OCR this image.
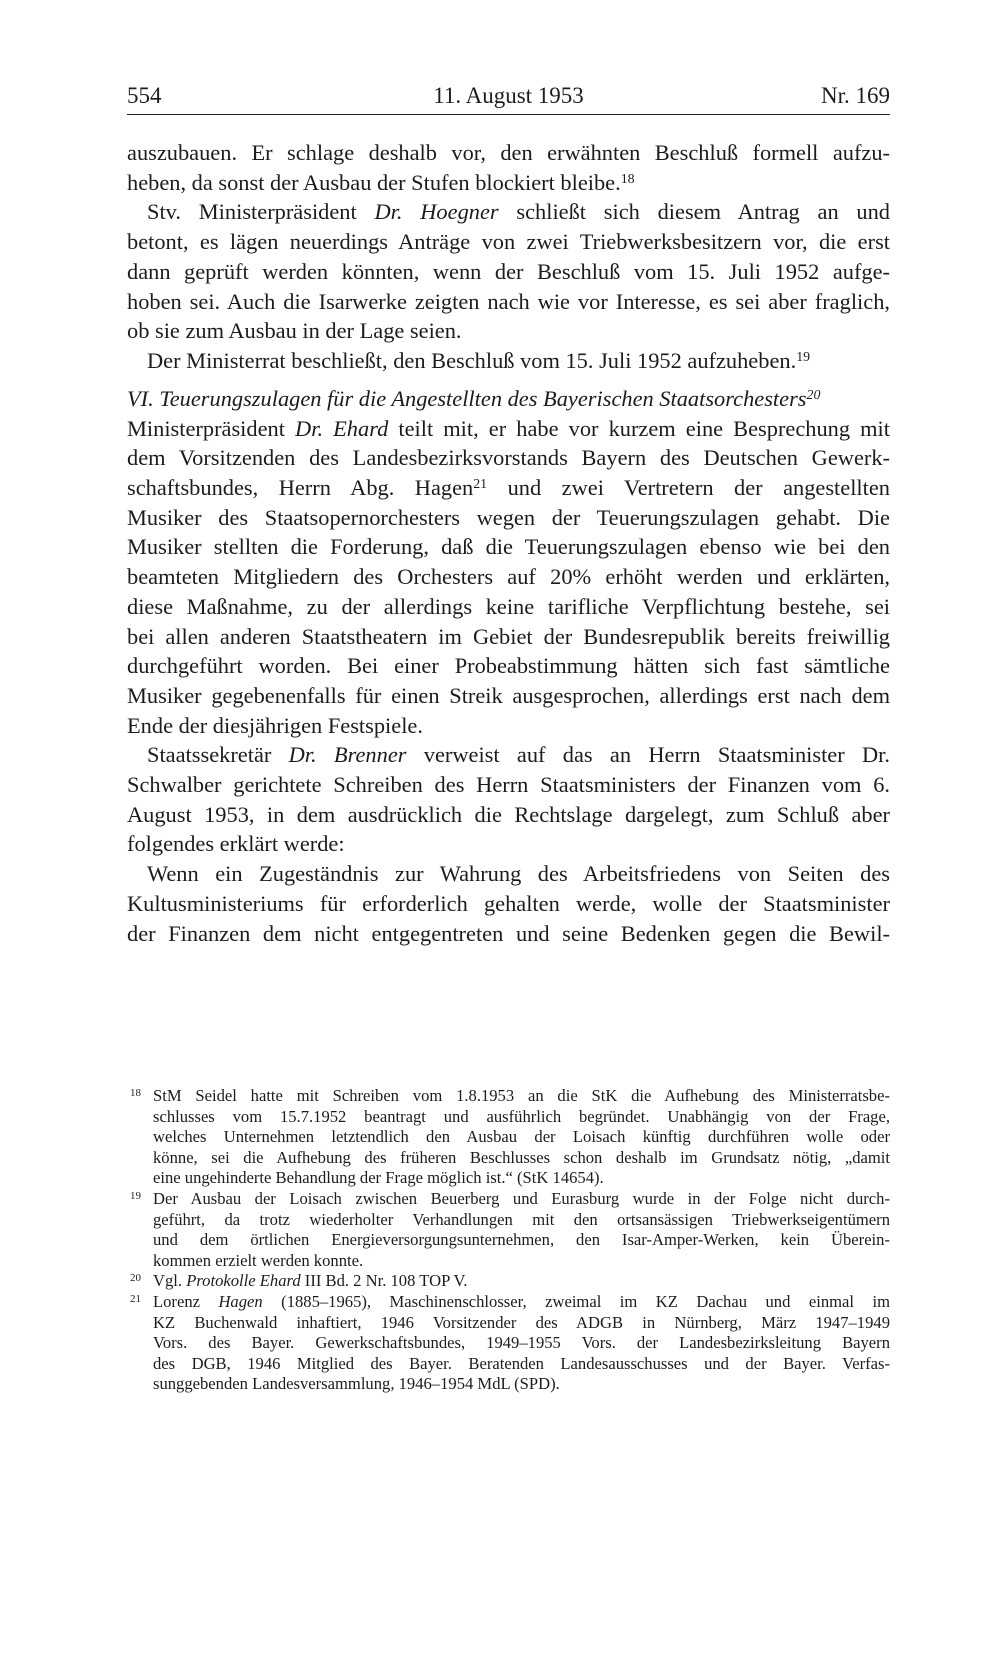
554	11. August 1953	Nr. 169

auszubauen. Er schlage deshalb vor, den erwähnten Beschluß formell aufzu-
heben, da sonst der Ausbau der Stufen blockiert bleibe.$^{18}$

Stv. Ministerpräsident Dr. Hoegner schließt sich diesem Antrag an und
betont, es lägen neuerdings Anträge von zwei Triebwerksbesitzern vor, die erst
dann geprüft werden könnten, wenn der Beschluß vom 15. Juli 1952 aufge-
hoben sei. Auch die Isarwerke zeigten nach wie vor Interesse, es sei aber fraglich,
ob sie zum Ausbau in der Lage seien.

Der Ministerrat beschließt, den Beschluß vom 15. Juli 1952 aufzuheben.$^{19}$

VI. Teuerungszulagen für die Angestellten des Bayerischen Staatsorchesters$^{20}$

Ministerpräsident Dr. Ehard teilt mit, er habe vor kurzem eine Besprechung mit
dem Vorsitzenden des Landesbezirksvorstands Bayern des Deutschen Gewerk-
schaftsbundes, Herrn Abg. Hagen$^{21}$ und zwei Vertretern der angestellten
Musiker des Staatsopernorchesters wegen der Teuerungszulagen gehabt. Die
Musiker stellten die Forderung, daß die Teuerungszulagen ebenso wie bei den
beamteten Mitgliedern des Orchesters auf 20% erhöht werden und erklärten,
diese Maßnahme, zu der allerdings keine tarifliche Verpflichtung bestehe, sei
bei allen anderen Staatstheatern im Gebiet der Bundesrepublik bereits freiwillig
durchgeführt worden. Bei einer Probeabstimmung hätten sich fast sämtliche
Musiker gegebenenfalls für einen Streik ausgesprochen, allerdings erst nach dem
Ende der diesjährigen Festspiele.

Staatssekretär Dr. Brenner verweist auf das an Herrn Staatsminister Dr.
Schwalber gerichtete Schreiben des Herrn Staatsministers der Finanzen vom 6.
August 1953, in dem ausdrücklich die Rechtslage dargelegt, zum Schluß aber
folgendes erklärt werde:

Wenn ein Zugeständnis zur Wahrung des Arbeitsfriedens von Seiten des
Kultusministeriums für erforderlich gehalten werde, wolle der Staatsminister
der Finanzen dem nicht entgegentreten und seine Bedenken gegen die Bewil-

18 StM Seidel hatte mit Schreiben vom 1.8.1953 an die StK die Aufhebung des Ministerratsbe-
schlusses vom 15.7.1952 beantragt und ausführlich begründet. Unabhängig von der Frage,
welches Unternehmen letztendlich den Ausbau der Loisach künftig durchführen wolle oder
könne, sei die Aufhebung des früheren Beschlusses schon deshalb im Grundsatz nötig, „damit
eine ungehinderte Behandlung der Frage möglich ist.“ (StK 14654).
19 Der Ausbau der Loisach zwischen Beuerberg und Eurasburg wurde in der Folge nicht durch-
geführt, da trotz wiederholter Verhandlungen mit den ortsansässigen Triebwerkseigentümern
und dem örtlichen Energieversorgungsunternehmen, den Isar-Amper-Werken, kein Überein-
kommen erzielt werden konnte.
20 Vgl. Protokolle Ehard III Bd. 2 Nr. 108 TOP V.
21 Lorenz Hagen (1885–1965), Maschinenschlosser, zweimal im KZ Dachau und einmal im
KZ Buchenwald inhaftiert, 1946 Vorsitzender des ADGB in Nürnberg, März 1947–1949
Vors. des Bayer. Gewerkschaftsbundes, 1949–1955 Vors. der Landesbezirksleitung Bayern
des DGB, 1946 Mitglied des Bayer. Beratenden Landesausschusses und der Bayer. Verfas-
sunggebenden Landesversammlung, 1946–1954 MdL (SPD).
